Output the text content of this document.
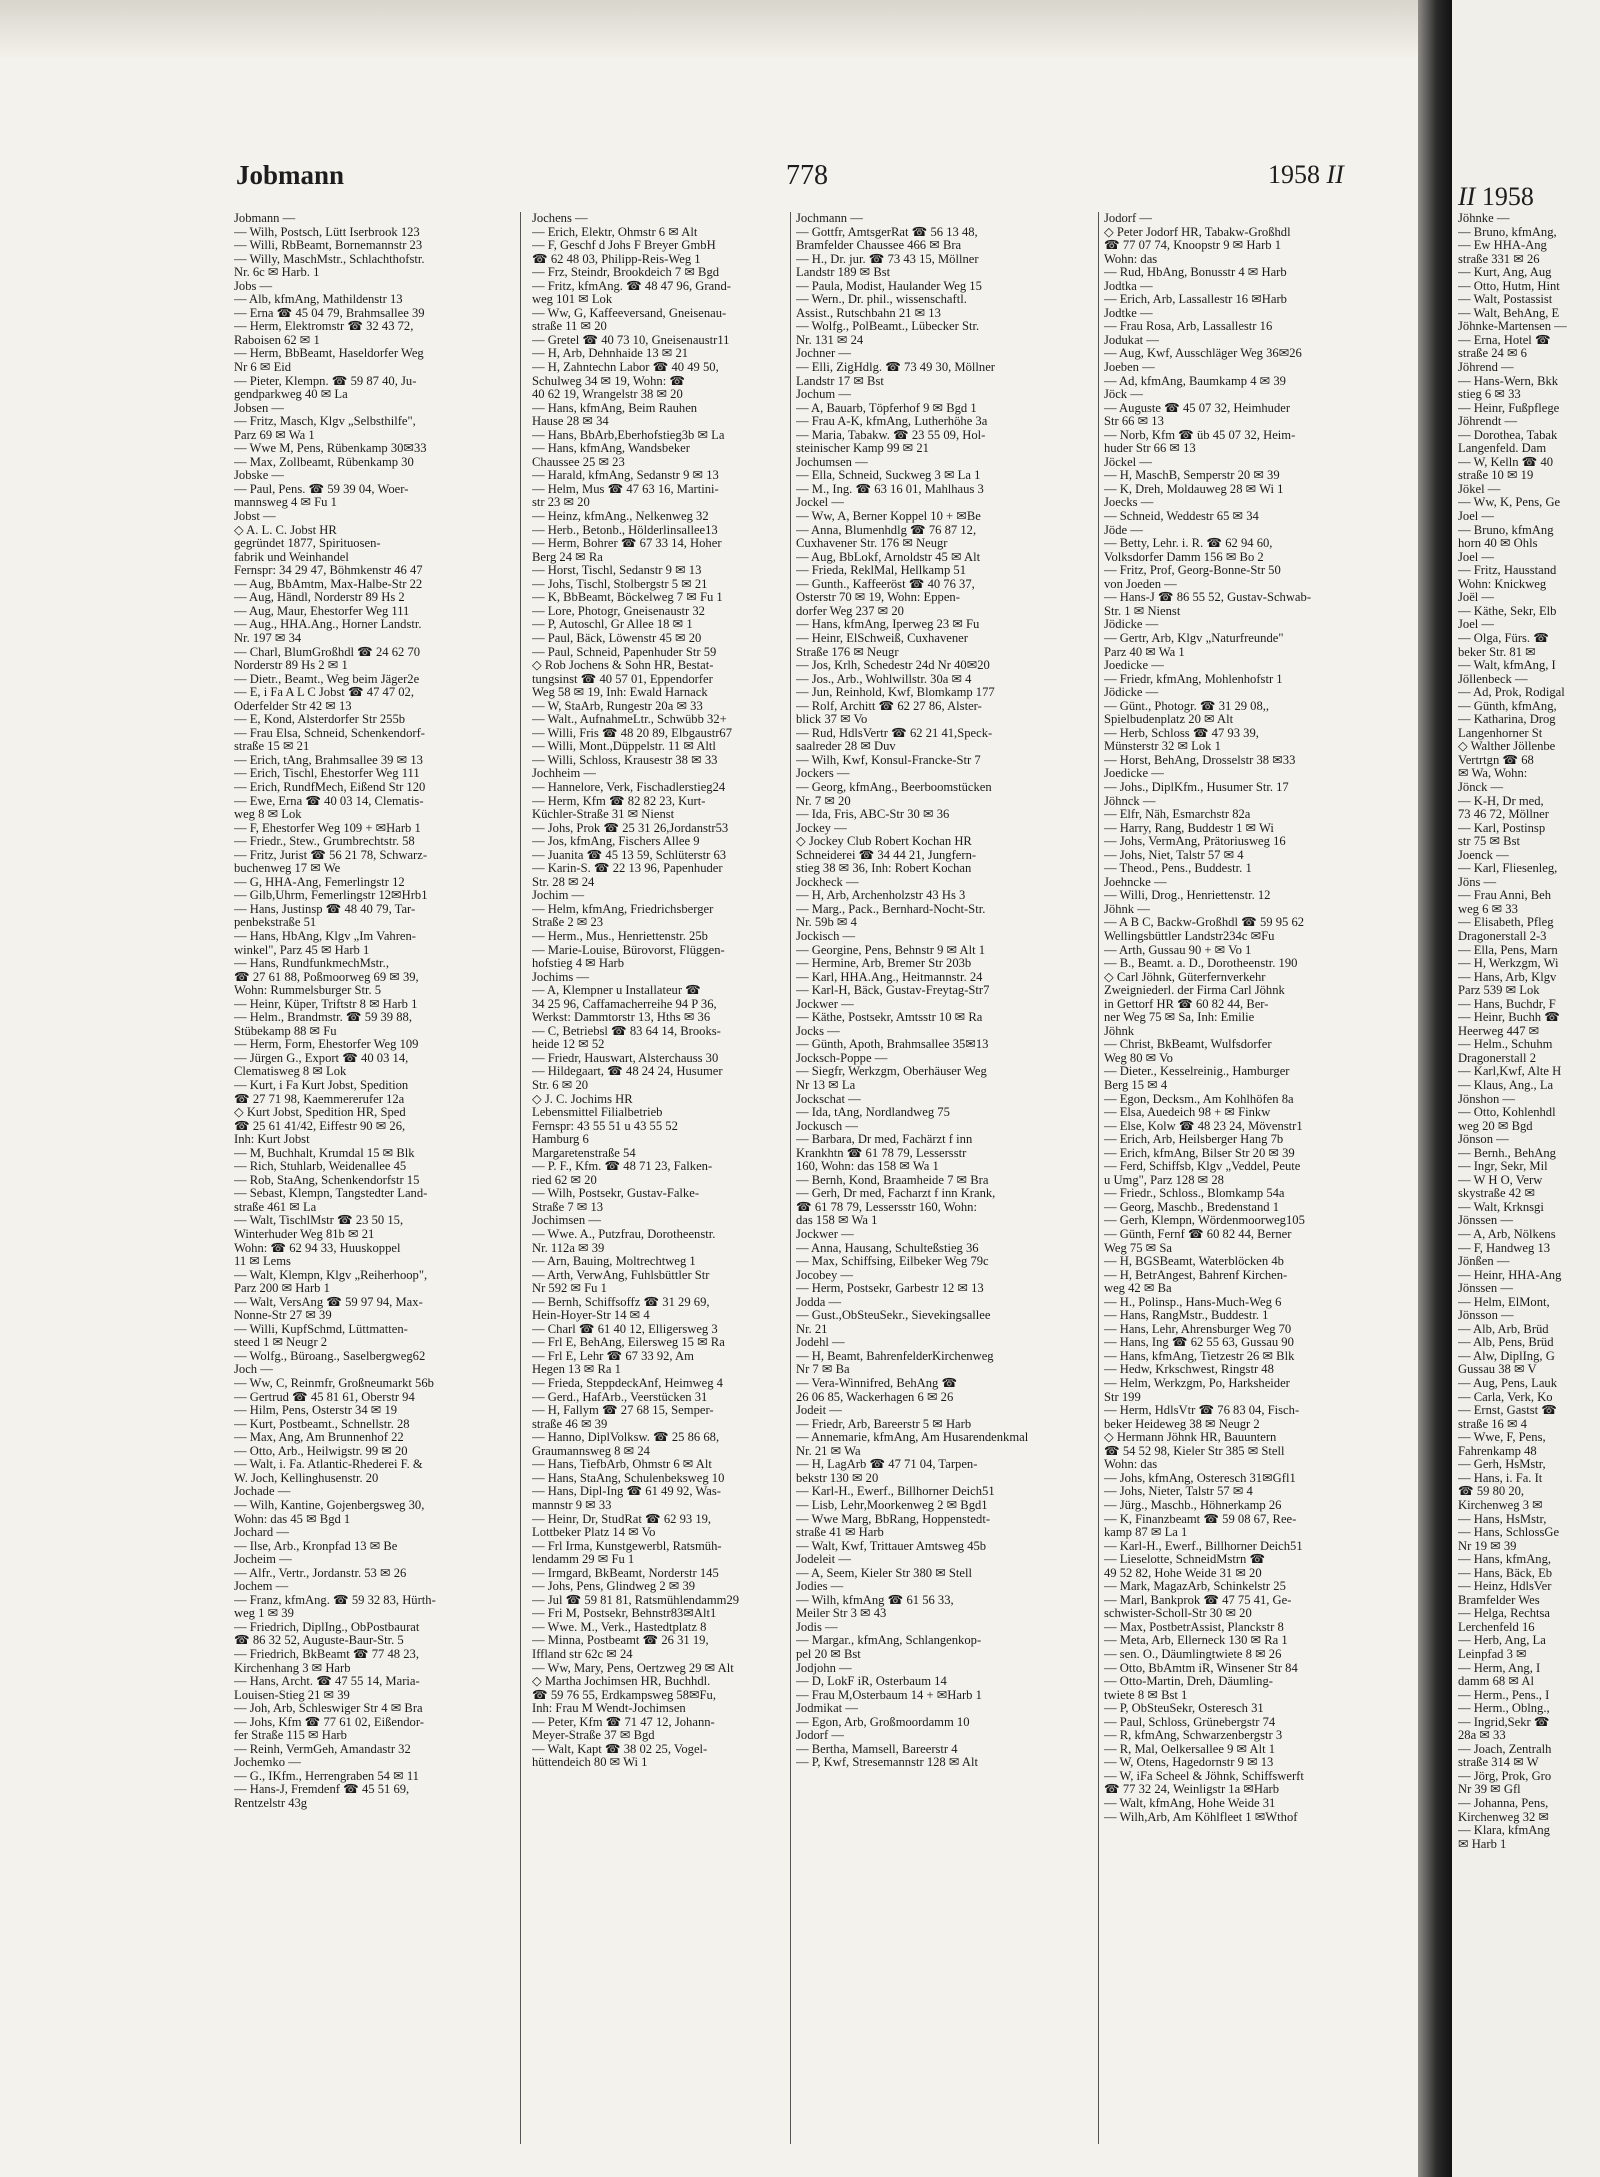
Jobmann	778	1958 II
Jobmann —
— Wilh, Postsch, Lütt Iserbrook 123
— Willi, RbBeamt, Bornemannstr 23
— Willy, MaschMstr., Schlachthofstr.
Nr. 6c ✉ Harb. 1
Jobs —
— Alb, kfmAng, Mathildenstr 13
— Erna ☎ 45 04 79, Brahmsallee 39
— Herm, Elektromstr ☎ 32 43 72,
Raboisen 62 ✉ 1
— Herm, BbBeamt, Haseldorfer Weg
Nr 6 ✉ Eid
— Pieter, Klempn. ☎ 59 87 40, Ju-
gendparkweg 40 ✉ La
Jobsen —
— Fritz, Masch, Klgv „Selbsthilfe",
Parz 69 ✉ Wa 1
— Wwe M, Pens, Rübenkamp 30✉33
— Max, Zollbeamt, Rübenkamp 30
Jobske —
— Paul, Pens. ☎ 59 39 04, Woer-
mannsweg 4 ✉ Fu 1
Jobst —
◇ A. L. C. Jobst HR
gegründet 1877, Spirituosen-
fabrik und Weinhandel
Fernspr: 34 29 47, Böhmkenstr 46 47
— Aug, BbAmtm, Max-Halbe-Str 22
— Aug, Händl, Norderstr 89 Hs 2
— Aug, Maur, Ehestorfer Weg 111
— Aug., HHA.Ang., Horner Landstr.
Nr. 197 ✉ 34
— Charl, BlumGroßhdl ☎ 24 62 70
Norderstr 89 Hs 2 ✉ 1
— Dietr., Beamt., Weg beim Jäger2e
— E, i Fa A L C Jobst ☎ 47 47 02,
Oderfelder Str 42 ✉ 13
— E, Kond, Alsterdorfer Str 255b
— Frau Elsa, Schneid, Schenkendorf-
straße 15 ✉ 21
— Erich, tAng, Brahmsallee 39 ✉ 13
— Erich, Tischl, Ehestorfer Weg 111
— Erich, RundfMech, Eißend Str 120
— Ewe, Erna ☎ 40 03 14, Clematis-
weg 8 ✉ Lok
— F, Ehestorfer Weg 109 + ✉Harb 1
— Friedr., Stew., Grumbrechtstr. 58
— Fritz, Jurist ☎ 56 21 78, Schwarz-
buchenweg 17 ✉ We
— G, HHA-Ang, Femerlingstr 12
— Gilb,Uhrm, Femerlingstr 12✉Hrb1
— Hans, Justinsp ☎ 48 40 79, Tar-
penbekstraße 51
— Hans, HbAng, Klgv „Im Vahren-
winkel", Parz 45 ✉ Harb 1
— Hans, RundfunkmechMstr.,
☎ 27 61 88, Poßmoorweg 69 ✉ 39,
Wohn: Rummelsburger Str. 5
— Heinr, Küper, Triftstr 8 ✉ Harb 1
— Helm., Brandmstr. ☎ 59 39 88,
Stübekamp 88 ✉ Fu
— Herm, Form, Ehestorfer Weg 109
— Jürgen G., Export ☎ 40 03 14,
Clematisweg 8 ✉ Lok
— Kurt, i Fa Kurt Jobst, Spedition
☎ 27 71 98, Kaemmererufer 12a
◇ Kurt Jobst, Spedition HR, Sped
☎ 25 61 41/42, Eiffestr 90 ✉ 26,
Inh: Kurt Jobst
— M, Buchhalt, Krumdal 15 ✉ Blk
— Rich, Stuhlarb, Weidenallee 45
— Rob, StaAng, Schenkendorfstr 15
— Sebast, Klempn, Tangstedter Land-
straße 461 ✉ La
— Walt, TischlMstr ☎ 23 50 15,
Winterhuder Weg 81b ✉ 21
Wohn: ☎ 62 94 33, Huuskoppel
11 ✉ Lems
— Walt, Klempn, Klgv „Reiherhoop",
Parz 200 ✉ Harb 1
— Walt, VersAng ☎ 59 97 94, Max-
Nonne-Str 27 ✉ 39
— Willi, KupfSchmd, Lüttmatten-
steed 1 ✉ Neugr 2
— Wolfg., Büroang., Saselbergweg62
Joch —
— Ww, C, Reinmfr, Großneumarkt 56b
— Gertrud ☎ 45 81 61, Oberstr 94
— Hilm, Pens, Osterstr 34 ✉ 19
— Kurt, Postbeamt., Schnellstr. 28
— Max, Ang, Am Brunnenhof 22
— Otto, Arb., Heilwigstr. 99 ✉ 20
— Walt, i. Fa. Atlantic-Rhederei F. &
W. Joch, Kellinghusenstr. 20
Jochade —
— Wilh, Kantine, Gojenbergsweg 30,
Wohn: das 45 ✉ Bgd 1
Jochard —
— Ilse, Arb., Kronpfad 13 ✉ Be
Jocheim —
— Alfr., Vertr., Jordanstr. 53 ✉ 26
Jochem —
— Franz, kfmAng. ☎ 59 32 83, Hürth-
weg 1 ✉ 39
— Friedrich, DiplIng., ObPostbaurat
☎ 86 32 52, Auguste-Baur-Str. 5
— Friedrich, BkBeamt ☎ 77 48 23,
Kirchenhang 3 ✉ Harb
— Hans, Archt. ☎ 47 55 14, Maria-
Louisen-Stieg 21 ✉ 39
— Joh, Arb, Schleswiger Str 4 ✉ Bra
— Johs, Kfm ☎ 77 61 02, Eißendor-
fer Straße 115 ✉ Harb
— Reinh, VermGeh, Amandastr 32
Jochemko —
— G., IKfm., Herrengraben 54 ✉ 11
— Hans-J, Fremdenf ☎ 45 51 69,
Rentzelstr 43g
Jochens —
— Erich, Elektr, Ohmstr 6 ✉ Alt
— F, Geschf d Johs F Breyer GmbH
☎ 62 48 03, Philipp-Reis-Weg 1
— Frz, Steindr, Brookdeich 7 ✉ Bgd
— Fritz, kfmAng. ☎ 48 47 96, Grand-
weg 101 ✉ Lok
— Ww, G, Kaffeeversand, Gneisenau-
straße 11 ✉ 20
— Gretel ☎ 40 73 10, Gneisenaustr11
— H, Arb, Dehnhaide 13 ✉ 21
— H, Zahntechn Labor ☎ 40 49 50,
Schulweg 34 ✉ 19, Wohn: ☎
40 62 19, Wrangelstr 38 ✉ 20
— Hans, kfmAng, Beim Rauhen
Hause 28 ✉ 34
— Hans, BbArb,Eberhofstieg3b ✉ La
— Hans, kfmAng, Wandsbeker
Chaussee 25 ✉ 23
— Harald, kfmAng, Sedanstr 9 ✉ 13
— Helm, Mus ☎ 47 63 16, Martini-
str 23 ✉ 20
— Heinz, kfmAng., Nelkenweg 32
— Herb., Betonb., Hölderlinsallee13
— Herm, Bohrer ☎ 67 33 14, Hoher
Berg 24 ✉ Ra
— Horst, Tischl, Sedanstr 9 ✉ 13
— Johs, Tischl, Stolbergstr 5 ✉ 21
— K, BbBeamt, Böckelweg 7 ✉ Fu 1
— Lore, Photogr, Gneisenaustr 32
— P, Autoschl, Gr Allee 18 ✉ 1
— Paul, Bäck, Löwenstr 45 ✉ 20
— Paul, Schneid, Papenhuder Str 59
◇ Rob Jochens & Sohn HR, Bestat-
tungsinst ☎ 40 57 01, Eppendorfer
Weg 58 ✉ 19, Inh: Ewald Harnack
— W, StaArb, Rungestr 20a ✉ 33
— Walt., AufnahmeLtr., Schwübb 32+
— Willi, Fris ☎ 48 20 89, Elbgaustr67
— Willi, Mont.,Düppelstr. 11 ✉ Altl
— Willi, Schloss, Krausestr 38 ✉ 33
Jochheim —
— Hannelore, Verk, Fischadlerstieg24
— Herm, Kfm ☎ 82 82 23, Kurt-
Küchler-Straße 31 ✉ Nienst
— Johs, Prok ☎ 25 31 26,Jordanstr53
— Jos, kfmAng, Fischers Allee 9
— Juanita ☎ 45 13 59, Schlüterstr 63
— Karin-S. ☎ 22 13 96, Papenhuder
Str. 28 ✉ 24
Jochim —
— Helm, kfmAng, Friedrichsberger
Straße 2 ✉ 23
— Herm., Mus., Henriettenstr. 25b
— Marie-Louise, Bürovorst, Flüggen-
hofstieg 4 ✉ Harb
Jochims —
— A, Klempner u Installateur ☎
34 25 96, Caffamacherreihe 94 P 36,
Werkst: Dammtorstr 13, Hths ✉ 36
— C, Betriebsl ☎ 83 64 14, Brooks-
heide 12 ✉ 52
— Friedr, Hauswart, Alsterchauss 30
— Hildegaart, ☎ 48 24 24, Husumer
Str. 6 ✉ 20
◇ J. C. Jochims HR
Lebensmittel Filialbetrieb
Fernspr: 43 55 51 u 43 55 52
Hamburg 6
Margaretenstraße 54
— P. F., Kfm. ☎ 48 71 23, Falken-
ried 62 ✉ 20
— Wilh, Postsekr, Gustav-Falke-
Straße 7 ✉ 13
Jochimsen —
— Wwe. A., Putzfrau, Dorotheenstr.
Nr. 112a ✉ 39
— Arn, Bauing, Moltrechtweg 1
— Arth, VerwAng, Fuhlsbüttler Str
Nr 592 ✉ Fu 1
— Bernh, Schiffsoffz ☎ 31 29 69,
Hein-Hoyer-Str 14 ✉ 4
— Charl ☎ 61 40 12, Elligersweg 3
— Frl E, BehAng, Eilersweg 15 ✉ Ra
— Frl E, Lehr ☎ 67 33 92, Am
Hegen 13 ✉ Ra 1
— Frieda, SteppdeckAnf, Heimweg 4
— Gerd., HafArb., Veerstücken 31
— H, Fallym ☎ 27 68 15, Semper-
straße 46 ✉ 39
— Hanno, DiplVolksw. ☎ 25 86 68,
Graumannsweg 8 ✉ 24
— Hans, TiefbArb, Ohmstr 6 ✉ Alt
— Hans, StaAng, Schulenbeksweg 10
— Hans, Dipl-Ing ☎ 61 49 92, Was-
mannstr 9 ✉ 33
— Heinr, Dr, StudRat ☎ 62 93 19,
Lottbeker Platz 14 ✉ Vo
— Frl Irma, Kunstgewerbl, Ratsmüh-
lendamm 29 ✉ Fu 1
— Irmgard, BkBeamt, Norderstr 145
— Johs, Pens, Glindweg 2 ✉ 39
— Jul ☎ 59 81 81, Ratsmühlendamm29
— Fri M, Postsekr, Behnstr83✉Alt1
— Wwe. M., Verk., Hastedtplatz 8
— Minna, Postbeamt ☎ 26 31 19,
Iffland str 62c ✉ 24
— Ww, Mary, Pens, Oertzweg 29 ✉ Alt
◇ Martha Jochimsen HR, Buchhdl.
☎ 59 76 55, Erdkampsweg 58✉Fu,
Inh: Frau M Wendt-Jochimsen
— Peter, Kfm ☎ 71 47 12, Johann-
Meyer-Straße 37 ✉ Bgd
— Walt, Kapt ☎ 38 02 25, Vogel-
hüttendeich 80 ✉ Wi 1
Jochmann —
— Gottfr, AmtsgerRat ☎ 56 13 48,
Bramfelder Chaussee 466 ✉ Bra
— H., Dr. jur. ☎ 73 43 15, Möllner
Landstr 189 ✉ Bst
— Paula, Modist, Haulander Weg 15
— Wern., Dr. phil., wissenschaftl.
Assist., Rutschbahn 21 ✉ 13
— Wolfg., PolBeamt., Lübecker Str.
Nr. 131 ✉ 24
Jochner —
— Elli, ZigHdlg. ☎ 73 49 30, Möllner
Landstr 17 ✉ Bst
Jochum —
— A, Bauarb, Töpferhof 9 ✉ Bgd 1
— Frau A-K, kfmAng, Lutherhöhe 3a
— Maria, Tabakw. ☎ 23 55 09, Hol-
steinischer Kamp 99 ✉ 21
Jochumsen —
— Ella, Schneid, Suckweg 3 ✉ La 1
— M., Ing. ☎ 63 16 01, Mahlhaus 3
Jockel —
— Ww, A, Berner Koppel 10 + ✉Be
— Anna, Blumenhdlg ☎ 76 87 12,
Cuxhavener Str. 176 ✉ Neugr
— Aug, BbLokf, Arnoldstr 45 ✉ Alt
— Frieda, ReklMal, Hellkamp 51
— Gunth., Kaffeeröst ☎ 40 76 37,
Osterstr 70 ✉ 19, Wohn: Eppen-
dorfer Weg 237 ✉ 20
— Hans, kfmAng, Iperweg 23 ✉ Fu
— Heinr, ElSchweiß, Cuxhavener
Straße 176 ✉ Neugr
— Jos, Krlh, Schedestr 24d Nr 40✉20
— Jos., Arb., Wohlwillstr. 30a ✉ 4
— Jun, Reinhold, Kwf, Blomkamp 177
— Rolf, Architt ☎ 62 27 86, Alster-
blick 37 ✉ Vo
— Rud, HdlsVertr ☎ 62 21 41,Speck-
saalreder 28 ✉ Duv
— Wilh, Kwf, Konsul-Francke-Str 7
Jockers —
— Georg, kfmAng., Beerboomstücken
Nr. 7 ✉ 20
— Ida, Fris, ABC-Str 30 ✉ 36
Jockey —
◇ Jockey Club Robert Kochan HR
Schneiderei ☎ 34 44 21, Jungfern-
stieg 38 ✉ 36, Inh: Robert Kochan
Jockheck —
— H, Arb, Archenholzstr 43 Hs 3
— Marg., Pack., Bernhard-Nocht-Str.
Nr. 59b ✉ 4
Jockisch —
— Georgine, Pens, Behnstr 9 ✉ Alt 1
— Hermine, Arb, Bremer Str 203b
— Karl, HHA.Ang., Heitmannstr. 24
— Karl-H, Bäck, Gustav-Freytag-Str7
Jockwer —
— Käthe, Postsekr, Amtsstr 10 ✉ Ra
Jocks —
— Günth, Apoth, Brahmsallee 35✉13
Jocksch-Poppe —
— Siegfr, Werkzgm, Oberhäuser Weg
Nr 13 ✉ La
Jockschat —
— Ida, tAng, Nordlandweg 75
Jockusch —
— Barbara, Dr med, Fachärzt f inn
Krankhtn ☎ 61 78 79, Lessersstr
160, Wohn: das 158 ✉ Wa 1
— Bernh, Kond, Braamheide 7 ✉ Bra
— Gerh, Dr med, Facharzt f inn Krank,
☎ 61 78 79, Lessersstr 160, Wohn:
das 158 ✉ Wa 1
Jockwer —
— Anna, Hausang, Schulteßstieg 36
— Max, Schiffsing, Eilbeker Weg 79c
Jocobey —
— Herm, Postsekr, Garbestr 12 ✉ 13
Jodda —
— Gust.,ObSteuSekr., Sievekingsallee
Nr. 21
Jodehl —
— H, Beamt, BahrenfelderKirchenweg
Nr 7 ✉ Ba
— Vera-Winnifred, BehAng ☎
26 06 85, Wackerhagen 6 ✉ 26
Jodeit —
— Friedr, Arb, Bareerstr 5 ✉ Harb
— Annemarie, kfmAng, Am Husarendenkmal
Nr. 21 ✉ Wa
— H, LagArb ☎ 47 71 04, Tarpen-
bekstr 130 ✉ 20
— Karl-H., Ewerf., Billhorner Deich51
— Lisb, Lehr,Moorkenweg 2 ✉ Bgd1
— Wwe Marg, BbRang, Hoppenstedt-
straße 41 ✉ Harb
— Walt, Kwf, Trittauer Amtsweg 45b
Jodeleit —
— A, Seem, Kieler Str 380 ✉ Stell
Jodies —
— Wilh, kfmAng ☎ 61 56 33,
Meiler Str 3 ✉ 43
Jodis —
— Margar., kfmAng, Schlangenkop-
pel 20 ✉ Bst
Jodjohn —
— D, LokF iR, Osterbaum 14
— Frau M,Osterbaum 14 + ✉Harb 1
Jodmikat —
— Egon, Arb, Großmoordamm 10
Jodorf —
— Bertha, Mamsell, Bareerstr 4
— P, Kwf, Stresemannstr 128 ✉ Alt
Jodorf —
◇ Peter Jodorf HR, Tabakw-Großhdl
☎ 77 07 74, Knoopstr 9 ✉ Harb 1
Wohn: das
— Rud, HbAng, Bonusstr 4 ✉ Harb
Jodtka —
— Erich, Arb, Lassallestr 16 ✉Harb
Jodtke —
— Frau Rosa, Arb, Lassallestr 16
Jodukat —
— Aug, Kwf, Ausschläger Weg 36✉26
Joeben —
— Ad, kfmAng, Baumkamp 4 ✉ 39
Jöck —
— Auguste ☎ 45 07 32, Heimhuder
Str 66 ✉ 13
— Norb, Kfm ☎ üb 45 07 32, Heim-
huder Str 66 ✉ 13
Jöckel —
— H, MaschB, Semperstr 20 ✉ 39
— K, Dreh, Moldauweg 28 ✉ Wi 1
Joecks —
— Schneid, Weddestr 65 ✉ 34
Jöde —
— Betty, Lehr. i. R. ☎ 62 94 60,
Volksdorfer Damm 156 ✉ Bo 2
— Fritz, Prof, Georg-Bonne-Str 50
von Joeden —
— Hans-J ☎ 86 55 52, Gustav-Schwab-
Str. 1 ✉ Nienst
Jödicke —
— Gertr, Arb, Klgv „Naturfreunde"
Parz 40 ✉ Wa 1
Joedicke —
— Friedr, kfmAng, Mohlenhofstr 1
Jödicke —
— Günt., Photogr. ☎ 31 29 08,,
Spielbudenplatz 20 ✉ Alt
— Herb, Schloss ☎ 47 93 39,
Münsterstr 32 ✉ Lok 1
— Horst, BehAng, Drosselstr 38 ✉33
Joedicke —
— Johs., DiplKfm., Husumer Str. 17
Jöhnck —
— Elfr, Näh, Esmarchstr 82a
— Harry, Rang, Buddestr 1 ✉ Wi
— Johs, VermAng, Prätoriusweg 16
— Johs, Niet, Talstr 57 ✉ 4
— Theod., Pens., Buddestr. 1
Joehncke —
— Willi, Drog., Henriettenstr. 12
Jöhnk —
— A B C, Backw-Großhdl ☎ 59 95 62
Wellingsbüttler Landstr234c ✉Fu
— Arth, Gussau 90 + ✉ Vo 1
— B., Beamt. a. D., Dorotheenstr. 190
◇ Carl Jöhnk, Güterfernverkehr
Zweigniederl. der Firma Carl Jöhnk
in Gettorf HR ☎ 60 82 44, Ber-
ner Weg 75 ✉ Sa, Inh: Emilie
Jöhnk
— Christ, BkBeamt, Wulfsdorfer
Weg 80 ✉ Vo
— Dieter., Kesselreinig., Hamburger
Berg 15 ✉ 4
— Egon, Decksm., Am Kohlhöfen 8a
— Elsa, Auedeich 98 + ✉ Finkw
— Else, Kolw ☎ 48 23 24, Mövenstr1
— Erich, Arb, Heilsberger Hang 7b
— Erich, kfmAng, Bilser Str 20 ✉ 39
— Ferd, Schiffsb, Klgv „Veddel, Peute
u Umg", Parz 128 ✉ 28
— Friedr., Schloss., Blomkamp 54a
— Georg, Maschb., Bredenstand 1
— Gerh, Klempn, Wördenmoorweg105
— Günth, Fernf ☎ 60 82 44, Berner
Weg 75 ✉ Sa
— H, BGSBeamt, Waterblöcken 4b
— H, BetrAngest, Bahrenf Kirchen-
weg 42 ✉ Ba
— H., Polinsp., Hans-Much-Weg 6
— Hans, RangMstr., Buddestr. 1
— Hans, Lehr, Ahrensburger Weg 70
— Hans, Ing ☎ 62 55 63, Gussau 90
— Hans, kfmAng, Tietzestr 26 ✉ Blk
— Hedw, Krkschwest, Ringstr 48
— Helm, Werkzgm, Po, Harksheider
Str 199
— Herm, HdlsVtr ☎ 76 83 04, Fisch-
beker Heideweg 38 ✉ Neugr 2
◇ Hermann Jöhnk HR, Bauuntern
☎ 54 52 98, Kieler Str 385 ✉ Stell
Wohn: das
— Johs, kfmAng, Osteresch 31✉Gfl1
— Johs, Nieter, Talstr 57 ✉ 4
— Jürg., Maschb., Höhnerkamp 26
— K, Finanzbeamt ☎ 59 08 67, Ree-
kamp 87 ✉ La 1
— Karl-H., Ewerf., Billhorner Deich51
— Lieselotte, SchneidMstrn ☎
49 52 82, Hohe Weide 31 ✉ 20
— Mark, MagazArb, Schinkelstr 25
— Marl, Bankprok ☎ 47 75 41, Ge-
schwister-Scholl-Str 30 ✉ 20
— Max, PostbetrAssist, Planckstr 8
— Meta, Arb, Ellerneck 130 ✉ Ra 1
— sen. O., Däumlingtwiete 8 ✉ 26
— Otto, BbAmtm iR, Winsener Str 84
— Otto-Martin, Dreh, Däumling-
twiete 8 ✉ Bst 1
— P, ObSteuSekr, Osteresch 31
— Paul, Schloss, Grünebergstr 74
— R, kfmAng, Schwarzenbergstr 3
— R, Mal, Oelkersallee 9 ✉ Alt 1
— W, Otens, Hagedornstr 9 ✉ 13
— W, iFa Scheel & Jöhnk, Schiffswerft
☎ 77 32 24, Weinligstr 1a ✉Harb
— Walt, kfmAng, Hohe Weide 31
— Wilh,Arb, Am Köhlfleet 1 ✉Wthof
II 1958
Jöhnke —
— Bruno, kfmAng,
— Ew HHA-Ang
straße 331 ✉ 26
— Kurt, Ang, Aug
— Otto, Hutm, Hint
— Walt, Postassist
— Walt, BehAng, E
Jöhnke-Martensen —
— Erna, Hotel ☎
straße 24 ✉ 6
Jöhrend —
— Hans-Wern, Bkk
stieg 6 ✉ 33
— Heinr, Fußpflege
Jöhrendt —
— Dorothea, Tabak
Langenfeld. Dam
— W, Kelln ☎ 40
straße 10 ✉ 19
Jökel —
— Ww, K, Pens, Ge
Joel —
— Bruno, kfmAng
horn 40 ✉ Ohls
Joel —
— Fritz, Hausstand
Wohn: Knickweg
Joël —
— Käthe, Sekr, Elb
Joel —
— Olga, Fürs. ☎
beker Str. 81 ✉
— Walt, kfmAng, I
Jöllenbeck —
— Ad, Prok, Rodigal
— Günth, kfmAng,
— Katharina, Drog
Langenhorner St
◇ Walther Jöllenbe
Vertrtgn ☎ 68
✉ Wa, Wohn:
Jönck —
— K-H, Dr med,
73 46 72, Möllner
— Karl, Postinsp
str 75 ✉ Bst
Joenck —
— Karl, Fliesenleg,
Jöns —
— Frau Anni, Beh
weg 6 ✉ 33
— Elisabeth, Pfleg
Dragonerstall 2-3
— Ella, Pens, Marn
— H, Werkzgm, Wi
— Hans, Arb, Klgv
Parz 539 ✉ Lok
— Hans, Buchdr, F
— Heinr, Buchh ☎
Heerweg 447 ✉
— Helm., Schuhm
Dragonerstall 2
— Karl,Kwf, Alte H
— Klaus, Ang., La
Jönshon —
— Otto, Kohlenhdl
weg 20 ✉ Bgd
Jönson —
— Bernh., BehAng
— Ingr, Sekr, Mil
— W H O, Verw
skystraße 42 ✉
— Walt, Krknsgi
Jönssen —
— A, Arb, Nölkens
— F, Handweg 13
Jönßen —
— Heinr, HHA-Ang
Jönssen —
— Helm, ElMont,
Jönsson —
— Alb, Arb, Brüd
— Alb, Pens, Brüd
— Alw, DiplIng, G
Gussau 38 ✉ V
— Aug, Pens, Lauk
— Carla, Verk, Ko
— Ernst, Gastst ☎
straße 16 ✉ 4
— Wwe, F, Pens,
Fahrenkamp 48
— Gerh, HsMstr,
— Hans, i. Fa. It
☎ 59 80 20,
Kirchenweg 3 ✉
— Hans, HsMstr,
— Hans, SchlossGe
Nr 19 ✉ 39
— Hans, kfmAng,
— Hans, Bäck, Eb
— Heinz, HdlsVer
Bramfelder Wes
— Helga, Rechtsa
Lerchenfeld 16
— Herb, Ang, La
Leinpfad 3 ✉
— Herm, Ang, I
damm 68 ✉ Al
— Herm., Pens., I
— Herm., Oblng.,
— Ingrid,Sekr ☎
28a ✉ 33
— Joach, Zentralh
straße 314 ✉ W
— Jörg, Prok, Gro
Nr 39 ✉ Gfl
— Johanna, Pens,
Kirchenweg 32 ✉
— Klara, kfmAng
✉ Harb 1
